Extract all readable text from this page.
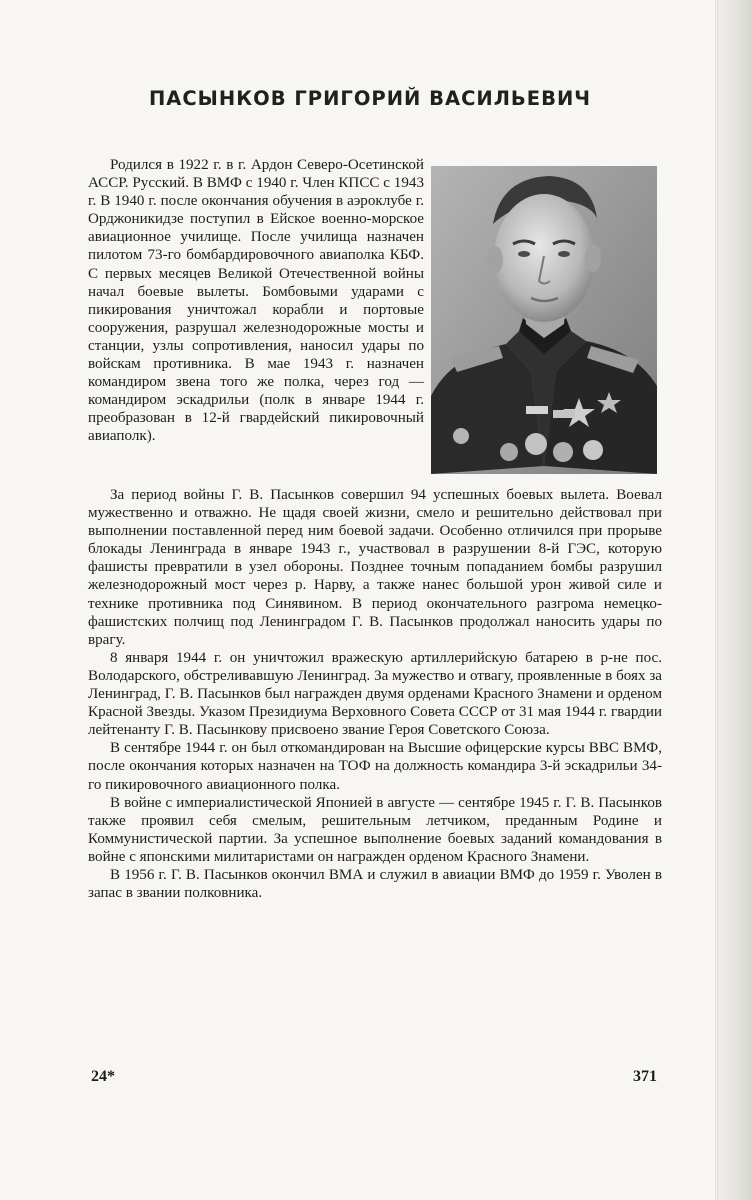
ПАСЫНКОВ ГРИГОРИЙ ВАСИЛЬЕВИЧ

Родился в 1922 г. в г. Ардон Северо-Осетинской АССР. Русский. В ВМФ с 1940 г. Член КПСС с 1943 г. В 1940 г. после окончания обучения в аэроклубе г. Орджоникидзе поступил в Ейское военно-морское авиационное училище. После училища назначен пилотом 73-го бомбардировочного авиаполка КБФ. С первых месяцев Великой Отечественной войны начал боевые вылеты. Бомбовыми ударами с пикирования уничтожал корабли и портовые сооружения, разрушал железнодорожные мосты и станции, узлы сопротивления, наносил удары по войскам противника. В мае 1943 г. назначен командиром звена того же полка, через год — командиром эскадрильи (полк в январе 1944 г. преобразован в 12-й гвардейский пикировочный авиаполк).

За период войны Г. В. Пасынков совершил 94 успешных боевых вылета. Воевал мужественно и отважно. Не щадя своей жизни, смело и решительно действовал при выполнении поставленной перед ним боевой задачи. Особенно отличился при прорыве блокады Ленинграда в январе 1943 г., участвовал в разрушении 8-й ГЭС, которую фашисты превратили в узел обороны. Позднее точным попаданием бомбы разрушил железнодорожный мост через р. Нарву, а также нанес большой урон живой силе и технике противника под Синявином. В период окончательного разгрома немецко-фашистских полчищ под Ленинградом Г. В. Пасынков продолжал наносить удары по врагу.

8 января 1944 г. он уничтожил вражескую артиллерийскую батарею в р-не пос. Володарского, обстреливавшую Ленинград. За мужество и отвагу, проявленные в боях за Ленинград, Г. В. Пасынков был награжден двумя орденами Красного Знамени и орденом Красной Звезды. Указом Президиума Верховного Совета СССР от 31 мая 1944 г. гвардии лейтенанту Г. В. Пасынкову присвоено звание Героя Советского Союза.

В сентябре 1944 г. он был откомандирован на Высшие офицерские курсы ВВС ВМФ, после окончания которых назначен на ТОФ на должность командира 3-й эскадрильи 34-го пикировочного авиационного полка.

В войне с империалистической Японией в августе — сентябре 1945 г. Г. В. Пасынков также проявил себя смелым, решительным летчиком, преданным Родине и Коммунистической партии. За успешное выполнение боевых заданий командования в войне с японскими милитаристами он награжден орденом Красного Знамени.

В 1956 г. Г. В. Пасынков окончил ВМА и служил в авиации ВМФ до 1959 г. Уволен в запас в звании полковника.

24*	371
